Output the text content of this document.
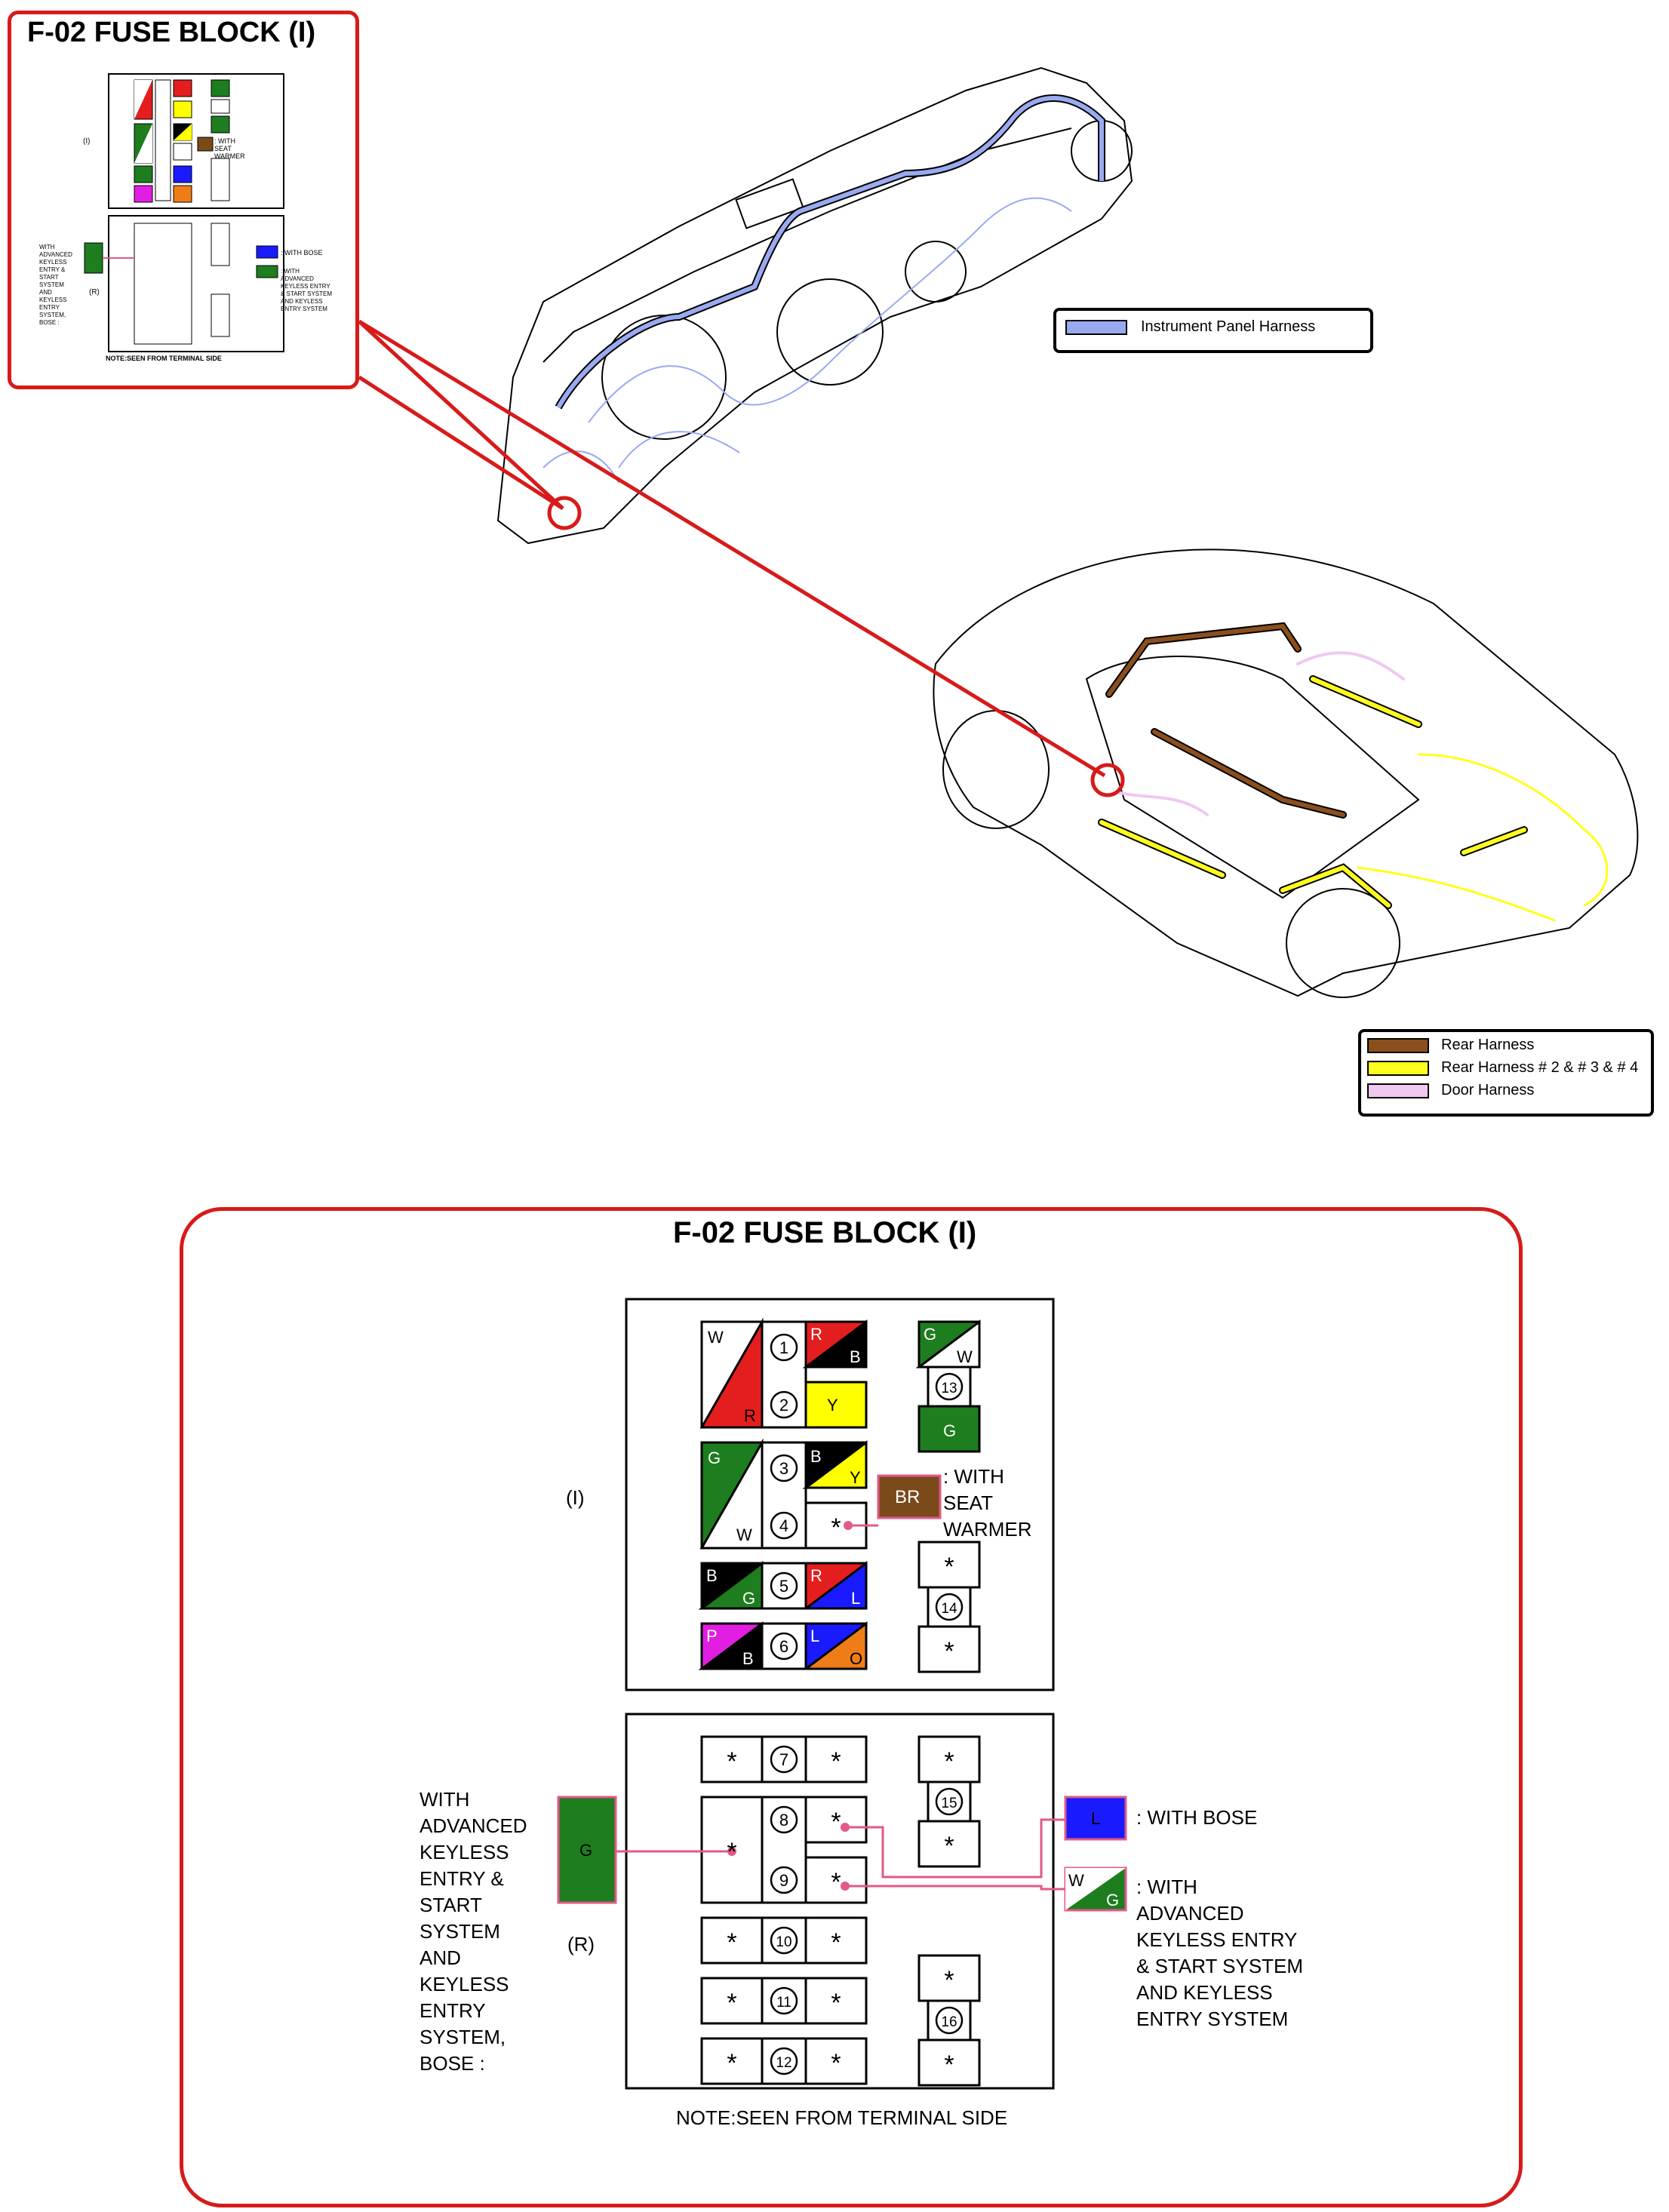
F-02 FUSE BLOCK (I)
: WITH
SEAT
WARMER
(I)
: WITH BOSE
: WITH
ADVANCED
KEYLESS ENTRY
& START SYSTEM
AND KEYLESS
ENTRY SYSTEM
WITH
ADVANCED
KEYLESS
ENTRY &
START
SYSTEM
AND
KEYLESS
ENTRY
SYSTEM,
BOSE :
(R)
NOTE:SEEN FROM TERMINAL SIDE
Instrument Panel Harness
Rear Harness
Rear Harness # 2 & # 3 & # 4
Door Harness
F-02 FUSE BLOCK (I)
W
R
R
B
Y
G
W
B
Y
B
G
R
L
P
B
L
O
G
W
G
BR
G
L
W
G
1
2
3
4
5
6
13
14
7
8
9
10
11
12
15
16
*
*
*
*	*
*
*
*
*	*
*	*
*	*
*
*
*
*
(I)
: WITH
SEAT
WARMER
(R)
WITH
ADVANCED
KEYLESS
ENTRY &
START
SYSTEM
AND
KEYLESS
ENTRY
SYSTEM,
BOSE :
: WITH BOSE
: WITH
ADVANCED
KEYLESS ENTRY
& START SYSTEM
AND KEYLESS
ENTRY SYSTEM
NOTE:SEEN FROM TERMINAL SIDE
